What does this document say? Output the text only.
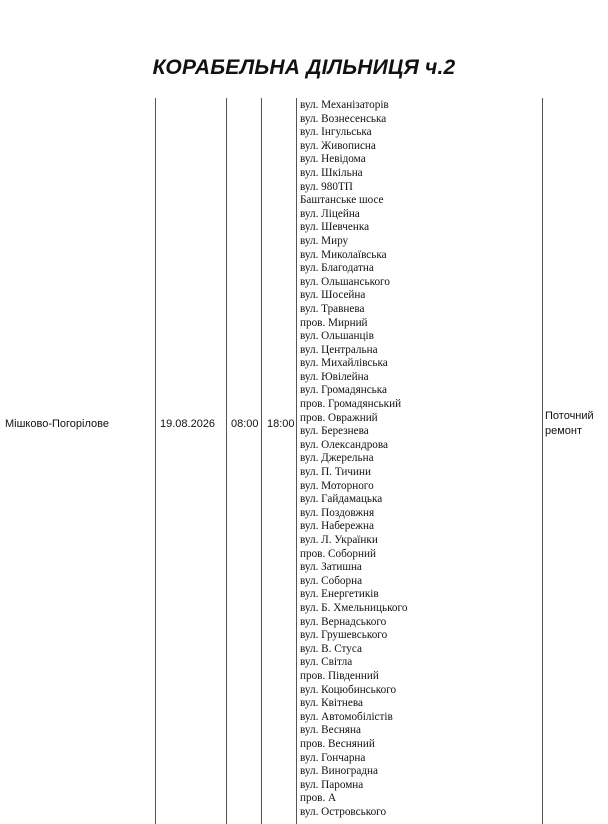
КОРАБЕЛЬНА ДІЛЬНИЦЯ ч.2
Мішково-Погорілове	19.08.2026 08:00 18:00
вул. Механізаторів
вул. Вознесенська
вул. Інгульська
вул. Живописна
вул. Невідома
вул. Шкільна
вул. 980ТП
Баштанське шосе
вул. Ліцейна
вул. Шевченка
вул. Миру
вул. Миколаївська
вул. Благодатна
вул. Ольшанського
вул. Шосейна
вул. Травнева
пров. Мирний
вул. Ольшанців
вул. Центральна
вул. Михайлівська
вул. Ювілейна
вул. Громадянська
пров. Громадянський
пров. Овражний
вул. Березнева
вул. Олександрова
вул. Джерельна
вул. П. Тичини
вул. Моторного
вул. Гайдамацька
вул. Поздовжня
вул. Набережна
вул. Л. Українки
пров. Соборний
вул. Затишна
вул. Соборна
вул. Енергетиків
вул. Б. Хмельницького
вул. Вернадського
вул. Грушевського
вул. В. Стуса
вул. Світла
пров. Південний
вул. Коцюбинського
вул. Квітнева
вул. Автомобілістів
вул. Весняна
пров. Весняний
вул. Гончарна
вул. Виноградна
вул. Паромна
пров. А
вул. Островського
Поточний
ремонт
